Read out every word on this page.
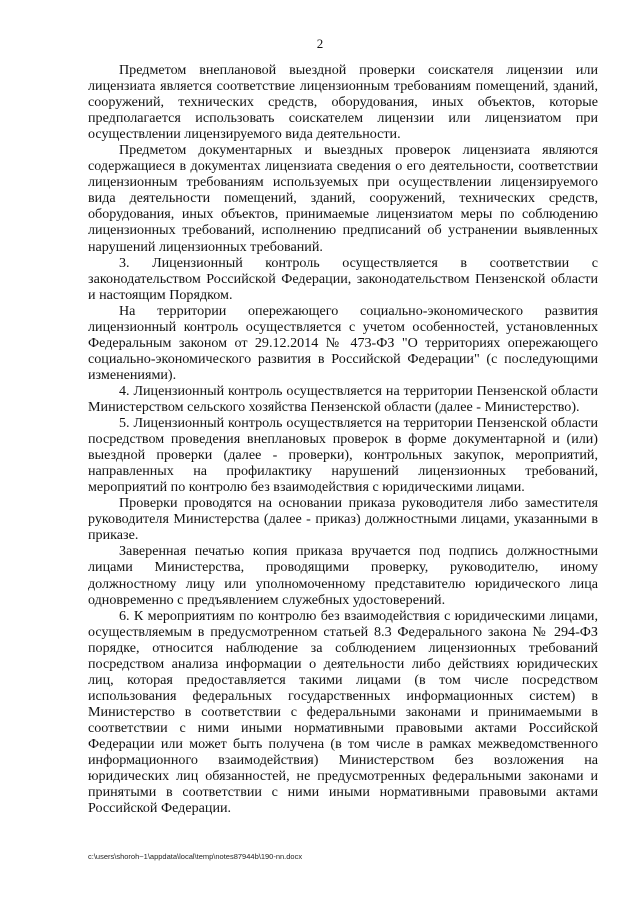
2

Предметом внеплановой выездной проверки соискателя лицензии или лицензиата является соответствие лицензионным требованиям помещений, зданий, сооружений, технических средств, оборудования, иных объектов, которые предполагается использовать соискателем лицензии или лицензиатом при осуществлении лицензируемого вида деятельности.

Предметом документарных и выездных проверок лицензиата являются содержащиеся в документах лицензиата сведения о его деятельности, соответствии лицензионным требованиям используемых при осуществлении лицензируемого вида деятельности помещений, зданий, сооружений, технических средств, оборудования, иных объектов, принимаемые лицензиатом меры по соблюдению лицензионных требований, исполнению предписаний об устранении выявленных нарушений лицензионных требований.

3. Лицензионный контроль осуществляется в соответствии с законодательством Российской Федерации, законодательством Пензенской области и настоящим Порядком.

На территории опережающего социально-экономического развития лицензионный контроль осуществляется с учетом особенностей, установленных Федеральным законом от 29.12.2014 № 473-ФЗ "О территориях опережающего социально-экономического развития в Российской Федерации" (с последующими изменениями).

4. Лицензионный контроль осуществляется на территории Пензенской области Министерством сельского хозяйства Пензенской области (далее - Министерство).

5. Лицензионный контроль осуществляется на территории Пензенской области посредством проведения внеплановых проверок в форме документарной и (или) выездной проверки (далее - проверки), контрольных закупок, мероприятий, направленных на профилактику нарушений лицензионных требований, мероприятий по контролю без взаимодействия с юридическими лицами.

Проверки проводятся на основании приказа руководителя либо заместителя руководителя Министерства (далее - приказ) должностными лицами, указанными в приказе.

Заверенная печатью копия приказа вручается под подпись должностными лицами Министерства, проводящими проверку, руководителю, иному должностному лицу или уполномоченному представителю юридического лица одновременно с предъявлением служебных удостоверений.

6. К мероприятиям по контролю без взаимодействия с юридическими лицами, осуществляемым в предусмотренном статьей 8.3 Федерального закона № 294-ФЗ порядке, относится наблюдение за соблюдением лицензионных требований посредством анализа информации о деятельности либо действиях юридических лиц, которая предоставляется такими лицами (в том числе посредством использования федеральных государственных информационных систем) в Министерство в соответствии с федеральными законами и принимаемыми в соответствии с ними иными нормативными правовыми актами Российской Федерации или может быть получена (в том числе в рамках межведомственного информационного взаимодействия) Министерством без возложения на юридических лиц обязанностей, не предусмотренных федеральными законами и принятыми в соответствии с ними иными нормативными правовыми актами Российской Федерации.

c:\users\shoroh~1\appdata\local\temp\notes87944b\190-nn.docx
